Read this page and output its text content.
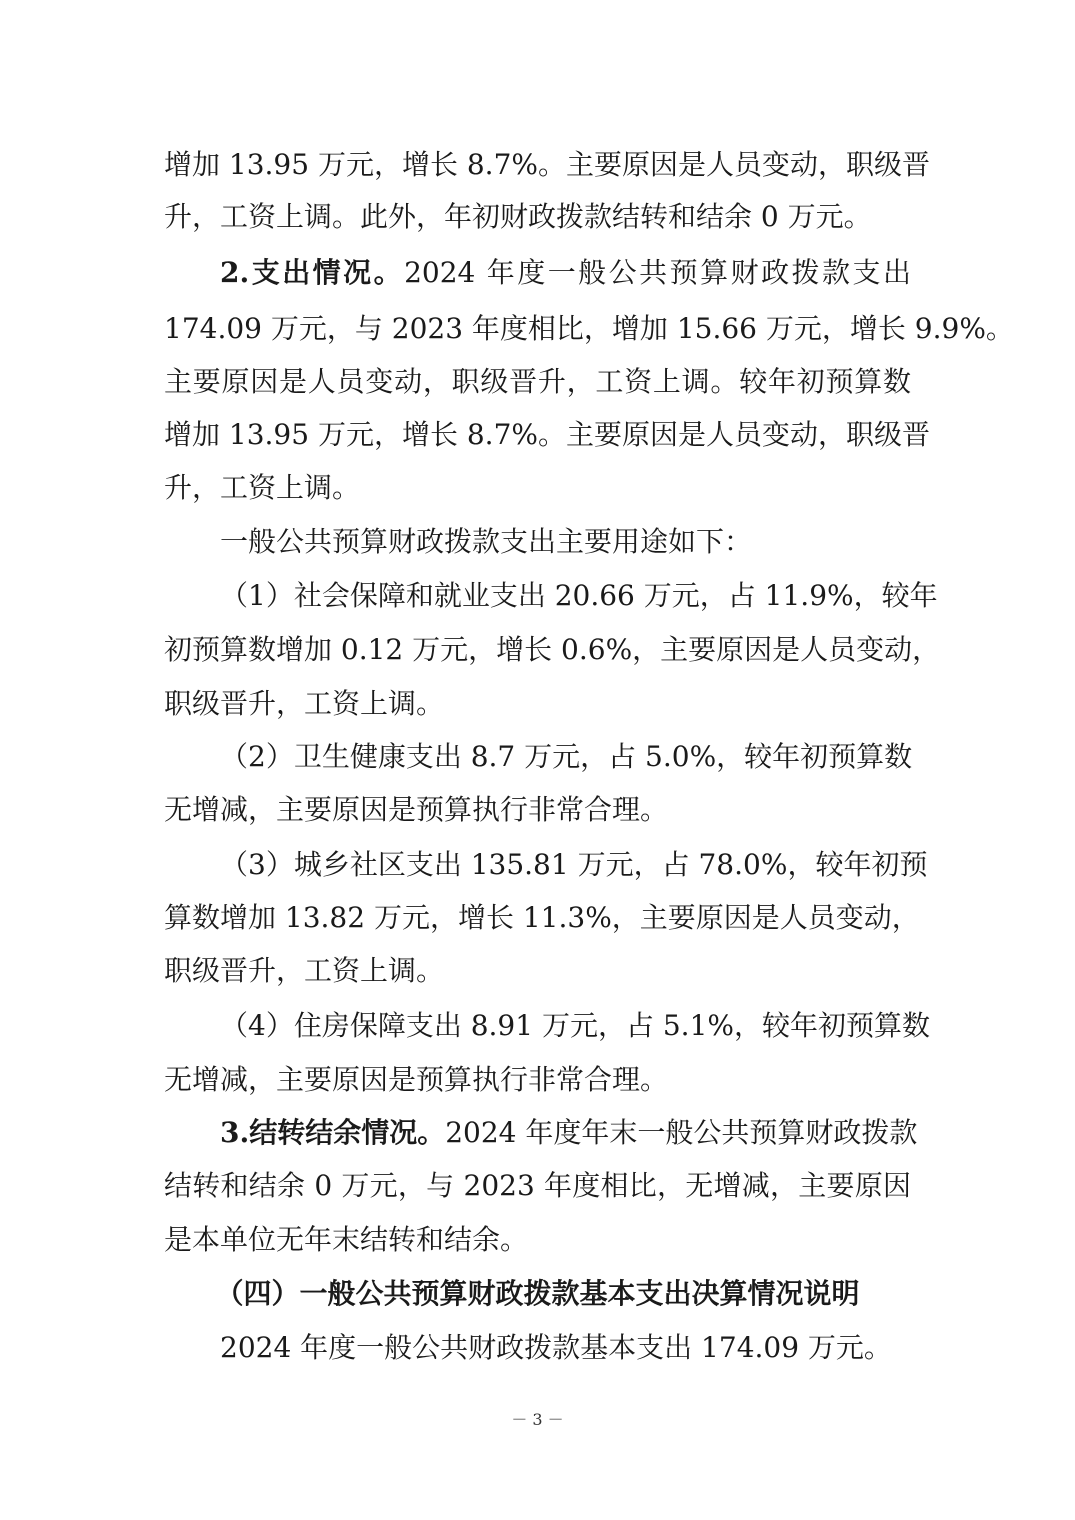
增加 13.95 万元，增长 8.7%。主要原因是人员变动，职级晋
升，工资上调。此外，年初财政拨款结转和结余 0 万元。
2.支出情况。2024 年度一般公共预算财政拨款支出
174.09 万元，与 2023 年度相比，增加 15.66 万元，增长 9.9%。
主要原因是人员变动，职级晋升，工资上调。较年初预算数
增加 13.95 万元，增长 8.7%。主要原因是人员变动，职级晋
升，工资上调。
一般公共预算财政拨款支出主要用途如下：
（1）社会保障和就业支出 20.66 万元，占 11.9%，较年
初预算数增加 0.12 万元，增长 0.6%，主要原因是人员变动，
职级晋升，工资上调。
（2）卫生健康支出 8.7 万元，占 5.0%，较年初预算数
无增减，主要原因是预算执行非常合理。
（3）城乡社区支出 135.81 万元，占 78.0%，较年初预
算数增加 13.82 万元，增长 11.3%，主要原因是人员变动，
职级晋升，工资上调。
（4）住房保障支出 8.91 万元，占 5.1%，较年初预算数
无增减，主要原因是预算执行非常合理。
3.结转结余情况。2024 年度年末一般公共预算财政拨款
结转和结余 0 万元，与 2023 年度相比，无增减，主要原因
是本单位无年末结转和结余。
（四）一般公共预算财政拨款基本支出决算情况说明
2024 年度一般公共财政拨款基本支出 174.09 万元。
－ 3 －
